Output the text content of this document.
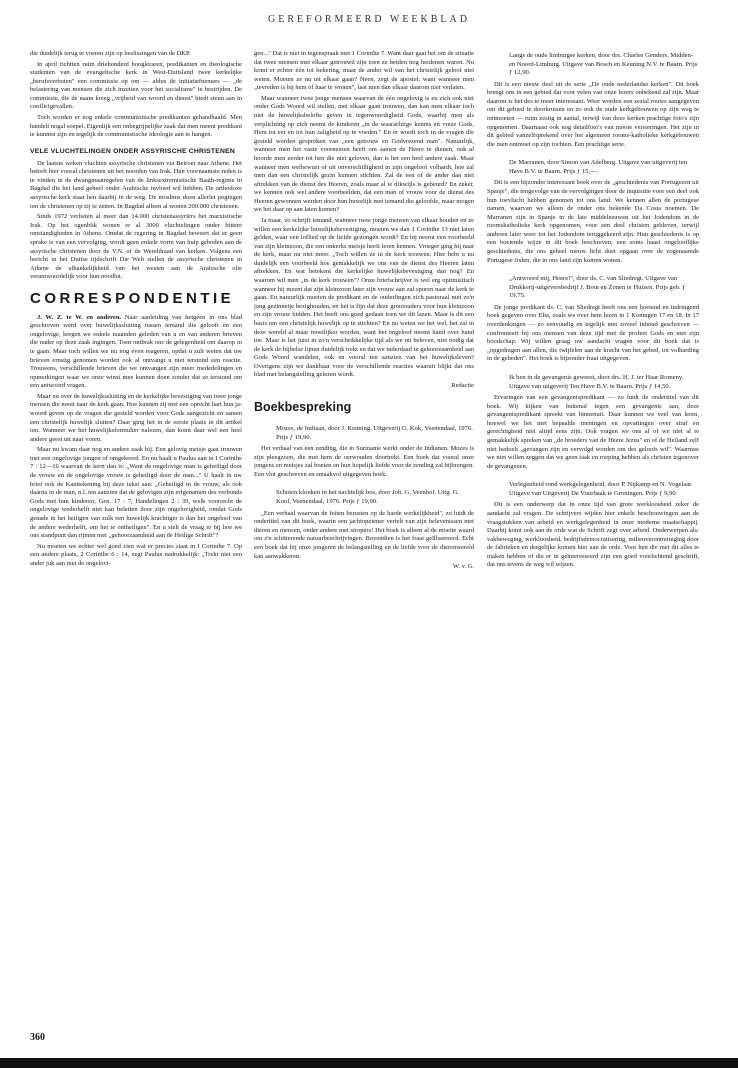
GEREFORMEERD WEEKBLAD

die duidelijk terug te voeren zijn op beslissingen van de DKP.

In april richtten ruim driehonderd hoogleraren, predikanten en theologische studenten van de evangelische kerk in West-Duitsland twee kerkelijke „berufsverboten" een commissie op om — aldus de initiatiefnemers — „de belastering van mensen die zich inzetten voor het socialisme" te bestrijden. De commissie, die de naam kreeg „vrijheid van woord en dienst" biedt steun aan in conflictgevallen.

Toch worden er nog enkele communistische predikanten gehandhaafd. Men handelt nogal soepel. Eigenlijk een onbegrijpelijke zaak dat men meent predikant te kunnen zijn en tegelijk de communistische ideologie aan te hangen.

VELE VLUCHTELINGEN ONDER ASSYRISCHE CHRISTENEN

De laatste weken vluchten assyrische christenen via Beiroet naar Athene. Het betreft hier vooral christenen uit het noorden van Irak. Hun voornaamste reden is te vinden in de dwangmaatregelen van de linksextremistische Baath-regime in Bagdad die het land geheel onder Arabische invloed wil hebben. De orthodoxe assyrische kerk staat hen daarbij in de weg. De moslims doen allerlei pogingen om de christenen op zij te zetten. In Bagdad alleen al wonen 200.000 christenen.

Sinds 1972 verlieten al meer dan 14.000 christenassyriërs het marxistische Irak. Op het ogenblik wonen er al 3000 vluchtelingen onder bittere omstandigheden in Athene. Omdat de regering in Bagdad beweert dat er geen sprake is van een vervolging, wordt geen enkele vorm van hulp geboden aan de assyrische christenen door de V.N. of de Wereldraad van kerken. Volgens een bericht in het Duitse tijdschrift Die Welt stellen de assyrische christenen in Athene de afhankelijkheid van het westen aan de Arabische olie verantwoordelijk voor hun noodlot.

CORRESPONDENTIE

J. W. Z. te W. en anderen. Naar aanleiding van hetgeen in ons blad geschreven werd over huwelijkssluiting tussen iemand die gelooft en een ongelovige, kregen we enkele maanden geleden van u en van anderen brieven die nader op deze zaak ingingen. Toen ontbrak ons de gelegenheid om daarop in te gaan. Maar toch willen we nu nog even reageren, opdat u zult weten dat uw brieven ernstig genomen worden ook al ontvangt u niet terstond een reactie. Trouwens, verschillende brieven die we ontvangen zijn meer mededelingen en opmerkingen waar we onze winst mee kunnen doen zonder dat ze terstond om een antwoord vragen.

Maar nu over de huwelijkssluiting en de kerkelijke bevestiging van twee jonge mensen die nooit naar de kerk gaan. Hoe kunnen zij met een oprecht hart hun ja-woord geven op de vragen die gesteld worden voor Gods aangezicht en samen een christelijk huwelijk sluiten? Daar ging het in de eerste plaats in dit artikel om. Wanneer we het huwelijksformulier nalezen, dan komt daar wel een heel andere geest uit naar voren.

Maar nu kwam daar nog en andere zaak bij. Een gelovig meisje gaat trouwen met een ongelovige jongen of omgekeerd. En nu haalt u Paulus aan in I Corinthe 7 : 12—16 waarvan de kern dan is: „Want de ongelovige man is geheiligd door de vrouw en de ongelovige vrouw is geheiligd door de man..." U haalt in uw brief ook de Kanttekening bij deze tekst aan: „Geheiligd in de vrouw, als ook daarna in de man, n.l. ten aanzien dat de gelovigen zijn erfgenamen des verbonds Gods met hun kinderen, Gen. 17 : 7, Handelingen 2 : 39, welk voorrecht de ongelovige wederhelft niet kan beletten door zijn ongelovigheid, omdat Gods genade in het heiligen van zulk een huwelijk krachtiger is dan het ongeloof van de andere wederhelft, om het te ontheiligen". En u stelt de vraag er bij hoe we ons standpunt dan rijmen met „gehoorzaamheid aan de Heilige Schrift"?

Nu moeten we echter wel goed zien wat er precies staat in I Corinthe 7. Op een andere plaats, 2 Corinthe 6 : 14, zegt Paulus nadrukkelijk: „Trekt niet een ander juk aan met de ongelovi-

gen..." Dat is niet in tegenspraak met 1 Corinthe 7. Want daar gaat het om de situatie dat twee mensen met elkaar getrouwd zijn toen ze beiden nog heidenen waren. Nu komt er echter één tot bekering, maar de ander wil van het christelijk geloof niet weten. Moeten ze nu uit elkaar gaan? Neen, zegt de apostel, want wanneer men „tevreden is bij hem of haar te wonen", laat men dan elkaar daarom niet verlaten.

Maar wanneer twee jonge mensen waarvan de één ongelovig is en zich ook niet onder Gods Woord wil stellen, met elkaar gaan trouwen, dan kan men elkaar toch niet de huwelijksbelofte geven in tegenwoordigheid Gods, waarbij men als verplichting op zich neemt de kinderen „in de waarachtige kennis en vreze Gods, Hem tot eer en tot hun zaligheid op te voeden." En er wordt toch in de vragen die gesteld worden gesproken van „een getrouw en Godvrezend man". Natuurlijk, wanneer men het vaste voornemen heeft om samen de Heere te dienen, ook al hoorde men eerder tot hen die niet geloven, dan is het een heel andere zaak. Maar wanneer men welbewust of uit onverschilligheid in zijn ongeloof volhardt, hoe zal men dan een christelijk gezin kunnen stichten. Zal de een of de ander dan niet aftrekken van de dienst des Heeren, zoals maar al te dikwijls is gebeurd? En zeker, we kennen ook wel andere voorbeelden, dat een man of vrouw voor de dienst des Heeren gewonnen werden door hun huwelijk met iemand die geloofde, maar mogen we het daar op aan laten komen?

Ja maar, zo schrijft iemand, wanneer twee jonge mensen van elkaar houden en ze willen een kerkelijke huwelijksbevestiging, moeten we dan 1 Corinthe 13 niet laten gelden, waar een loflied op de liefde gezongen wordt? En hij neemt een voorbeeld van zijn kleinzoon, die een onkerks meisje heeft leren kennen. Vroeger ging hij naar de kerk, maar nu niet meer. „Toch willen ze in de kerk trouwen. Hier hebt u nu duidelijk een voorbeeld hoe gemakkelijk we ons van de dienst des Heeren laten aftrekken. En wat betekent die kerkelijke huwelijksbevestiging dan nog? En waarom wil men „in de kerk trouwen"? Onze briefschrijver is wel erg optimistisch wanneer hij meent dat zijn kleinzoon later zijn vrouw aan zal sporen naar de kerk te gaan. En natuurlijk moeten de predikant en de ouderlingen zich pastoraal met zo'n jong gezinnetje bezighouden, en het is fijn dat deze grootouders voor hun kleinzoon en zijn vrouw bidden. Het heeft ons goed gedaan toen we dit lazen. Maar is dit een basis om een christelijk huwelijk op te stichten? En nu weten we het wel, het zal in deze wereld al maar moeilijker worden, want het ongeloof neemt hand over hand toe. Maar is het juist in zo'n verschrikkelijke tijd als we nu beleven, niet nodig dat de kerk de bijbelse lijnen duidelijk trekt en dat we inderdaad in gehoorzaamheid aan Gods Woord wandelen, ook en vooral ten aanzien van het huwelijksleven? Overigens zijn we dankbaar voor de verschillende reacties waaruit blijkt dat ons blad met belangstelling gelezen wordt.

Redactie
Boekbespreking
Mozes, de Indiaan, door J. Keuning. Uitgeverij G. Kok, Veenendaal, 1976. Prijs ƒ 19,90.

Het verhaal van een zending, die in Suriname werkt onder de Indianen. Mozes is zijn pleegzoon, die met hem de oerwouden doortrekt. Een boek dat vooral onze jongens en meisjes zal boeien en hun hopelijk liefde voor de zending zal bijbrengen. Een vlot geschreven en smaakvol uitgegeven boek.

Schoten klonken in het nachtelijk bos, door Joh. G. Veenhof. Uitg. G. Kool, Veenendaal, 1976. Prijs ƒ 19,90.

„Een verhaal waarvan de feiten berusten op de harde werkelijkheid", zo luidt de ondertitel van dit boek, waarin een jachtopziener vertelt van zijn belevenissen met dieren en mensen, onder andere met stropers! Het boek is alleen al de moeite waard om z'n schitterende natuurbeschrijvingen. Bovendien is het fraai geïllustreerd. Echt een boek dat bij onze jongeren de belangstelling en de liefde voor de dierenwereld kan aanwakkeren.

W. v. G.
Langs de oude limburgse kerken, door drs. Charles Genders. Midden- en Noord-Limburg. Uitgave van Bosch en Keuning N.V. te Baarn. Prijs ƒ 12,90.

Dit is een nieuw deel uit de serie „De oude nederlandse kerken". Dit boek brengt ons in een gebied dat voor velen van onze lezers onbekend zal zijn. Maar daarom is het des te meer interessant. Weer worden een zestal routes aangegeven om dit gebied te doorkruisen en zo ook de oude kerkgebouwen op zijn weg te ontmoeten — ruim zestig in aantal, terwijl van deze kerken prachtige foto's zijn opgenomen. Daarnaast ook nog detailfoto's van mooie versieringen. Het zijn in dit gebied vanzelfsprekend over het algemeen rooms-katholieke kerkgebouwen die men ontmoet op zijn tochten. Een prachtige serie.

De Marranen, door Simon van Adelberg. Uitgave van uitgeverij ten Have B.V. te Baarn. Prijs ƒ 15,—.

Dit is een bijzonder interessant boek over de „geschiedenis van Portugezen uit Spanje", die tengevolge van de vervolgingen door de inquisitie voor een deel ook hun toevlucht hebben genomen tot ons land. We kennen allen de portugese namen, waarvan we alleen de onder ons bekende Da Costa noemen. De Marranen zijn in Spanje in de late middeleeuwen uit het Jodendom in de roomskatholieke kerk opgenomen, voor een deel christen gebleven, terwijl anderen later weer tot het Jodendom teruggekeerd zijn. Hun geschiedenis is op een boeiende wijze in dit boek beschreven, een soms haast ongelooflijke geschiedenis, die ons geheel nieuw licht doet opgaan over de zogenaamde Portugese Joden, die in ons land zijn komen wonen.

„Antwoord mij, Heere!", door ds. C. van Sliedregt. Uitgave van Drukkerij-uitgeversbedrijf J. Bout en Zonen te Huizen. Prijs geb. ƒ 19,75.

De jonge predikant ds. C. van Sliedregt heeft ons een boeiend en indringend boek gegeven over Elia, zoals we over hem lezen in 1 Koningen 17 en 18. In 17 overdenkingen — zo eenvoudig en tegelijk met zoveel inhoud geschreven — confronteert hij ons mensen van deze tijd met de profeet Gods en met zijn boodschap. Wij willen graag uw aandacht vragen voor dit boek dat is „opgedragen aan allen, die twijfelen aan de kracht van het gebed, tot volharding in de gebeden". Het boek is bijzonder fraai uitgegeven.

Ik ben in de gevangenis geweest, door drs. H. J. ter Haar Romeny. Uitgave van uitgeverij Ten Have B.V. te Baarn. Prijs ƒ 14,50.

Ervaringen van een gevangenispredikant — zo luidt de ondertitel van dit boek. Wij kijken van buitenaf tegen een gevangenis aan, deze gevangenispredikant spreekt van binnenuit. Daar kunnen we veel van leren, hoewel we het met bepaalde meningen en opvattingen over straf en gerechtigheid niet altijd eens zijn. Ook vragen we ons af of we niet al te gemakkelijk spreken van „de broeders van de Heere Jezus" en of de Heiland zelf niet bedoelt „gevangen zijn en vervolgd worden om des geloofs wil". Waarmee we niet willen zeggen dat we geen taak en roeping hebben als christen tegenover de gevangenen.

Verlegenheid rond werkgelegenheid, door P. Nijkamp en N. Vogelaar. Uitgave van Uitgeverij De Vuurbaak te Groningen. Prijs ƒ 9,90.

Dit is een onderwerp dat in onze tijd van grote werkloosheid zeker de aandacht zal vragen. De schrijvers wijden hier enkele beschouwingen aan de vraagstukken van arbeid en werkgelegenheid in onze moderne maatschappij. Daarbij komt ook aan de orde wat de Schrift zegt over arbeid. Onderwerpen als: vakbeweging, werkloosheid, bedrijfsdemocratisering, milieuverontreiniging door de fabrieken en dergelijke komen hier aan de orde. Voor hen die met dit alles te maken hebben of die er in geïnteresseerd zijn een goed voorlichtend geschrift, dat ons tevens de weg wil wijzen.

360
